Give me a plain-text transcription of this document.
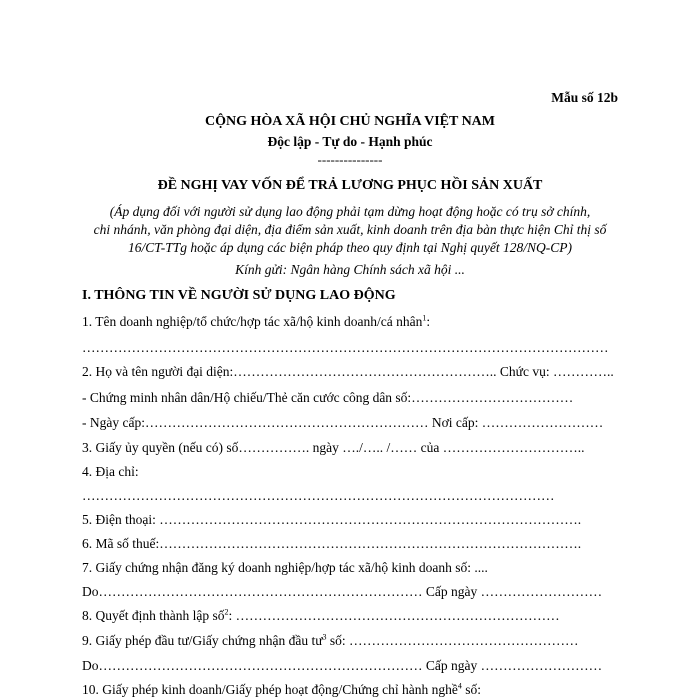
Mẫu số 12b
CỘNG HÒA XÃ HỘI CHỦ NGHĨA VIỆT NAM
Độc lập - Tự do - Hạnh phúc
---------------
ĐỀ NGHỊ VAY VỐN ĐỂ TRẢ LƯƠNG PHỤC HỒI SẢN XUẤT
(Áp dụng đối với người sử dụng lao động phải tạm dừng hoạt động hoặc có trụ sở chính,
chi nhánh, văn phòng đại diện, địa điểm sản xuất, kinh doanh trên địa bàn thực hiện Chỉ thị số
16/CT-TTg hoặc áp dụng các biện pháp theo quy định tại Nghị quyết 128/NQ-CP)
Kính gửi: Ngân hàng Chính sách xã hội ...
I. THÔNG TIN VỀ NGƯỜI SỬ DỤNG LAO ĐỘNG
1. Tên doanh nghiệp/tổ chức/hợp tác xã/hộ kinh doanh/cá nhân$^1$:
………………………………………………………………………………………………………
2. Họ và tên người đại diện:………………………………………………….. Chức vụ: …………..
- Chứng minh nhân dân/Hộ chiếu/Thẻ căn cước công dân số:………………………………
- Ngày cấp:……………………………………………………… Nơi cấp: ………………………
3. Giấy ủy quyền (nếu có) số……………. ngày …./….. /…… của …………………………..
4. Địa chỉ:
……………………………………………………………………………………………
5. Điện thoại: ………………………………………………………………………………….
6. Mã số thuế:………………………………………………………………………………….
7. Giấy chứng nhận đăng ký doanh nghiệp/hợp tác xã/hộ kinh doanh số: ....
Do……………………………………………………………… Cấp ngày ………………………
8. Quyết định thành lập số$^2$: ………………………………………………………………
9. Giấy phép đầu tư/Giấy chứng nhận đầu $tư^3$ số: ……………………………………………
Do……………………………………………………………… Cấp ngày ………………………
10. Giấy phép kinh doanh/Giấy phép hoạt động/Chứng chỉ hành nghề$^4$ số:
